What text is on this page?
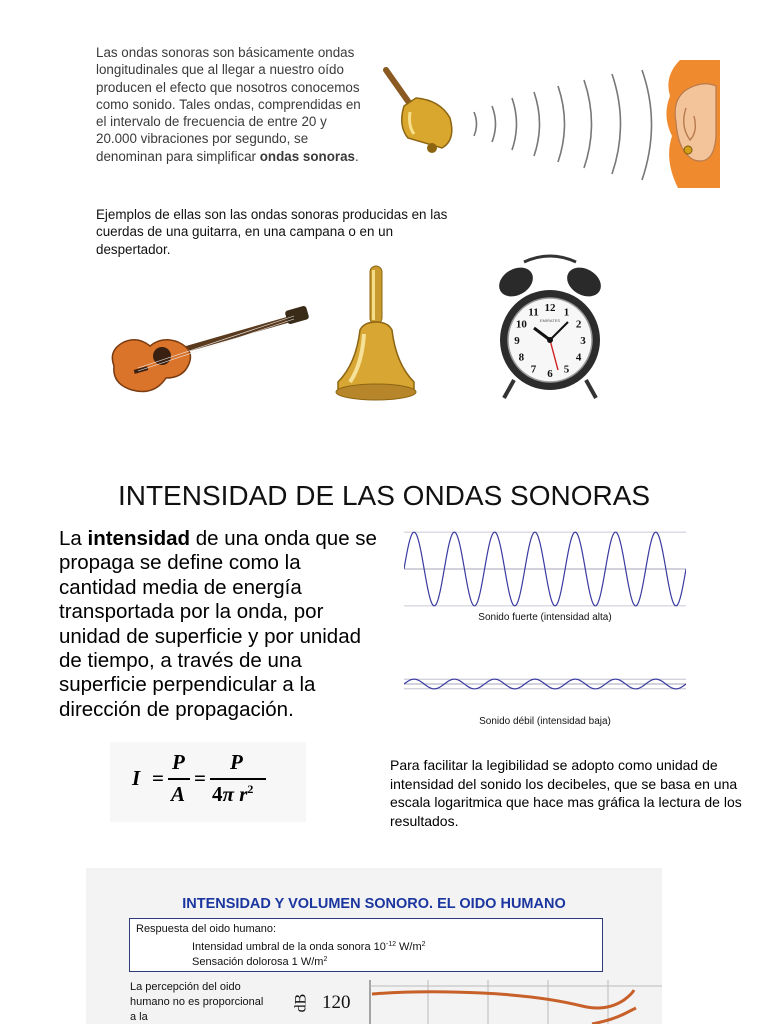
Las ondas sonoras son básicamente ondas longitudinales que al llegar a nuestro oído producen el efecto que nosotros conocemos como sonido. Tales ondas, comprendidas en el intervalo de frecuencia de entre 20 y 20.000 vibraciones por segundo, se denominan para simplificar ondas sonoras.
Ejemplos de ellas son las ondas sonoras producidas en las cuerdas de una guitarra, en una campana o en un despertador.
EMIRATES
12 1
2
3
4
5
6
7
8
9
10
11
INTENSIDAD DE LAS ONDAS SONORAS
La intensidad de una onda que se propaga se define como la cantidad media de energía transportada por la onda, por unidad de superficie y por unidad de tiempo, a través de una superficie perpendicular a la dirección de propagación.
Sonido fuerte (intensidad alta)
Sonido débil (intensidad baja)
I =
P
A
=
P
4π $r^2$
Para facilitar la legibilidad se adopto como unidad de intensidad del sonido los decibeles, que se basa en una escala logaritmica que hace mas gráfica la lectura de los resultados.
INTENSIDAD Y VOLUMEN SONORO. EL OIDO HUMANO
Respuesta del oido humano:
Intensidad umbral de la onda sonora $10^{-12}$ $W/m^2$
Sensación dolorosa 1 $W/m^2$
La percepción del oido humano no es proporcional a la
dB 120
